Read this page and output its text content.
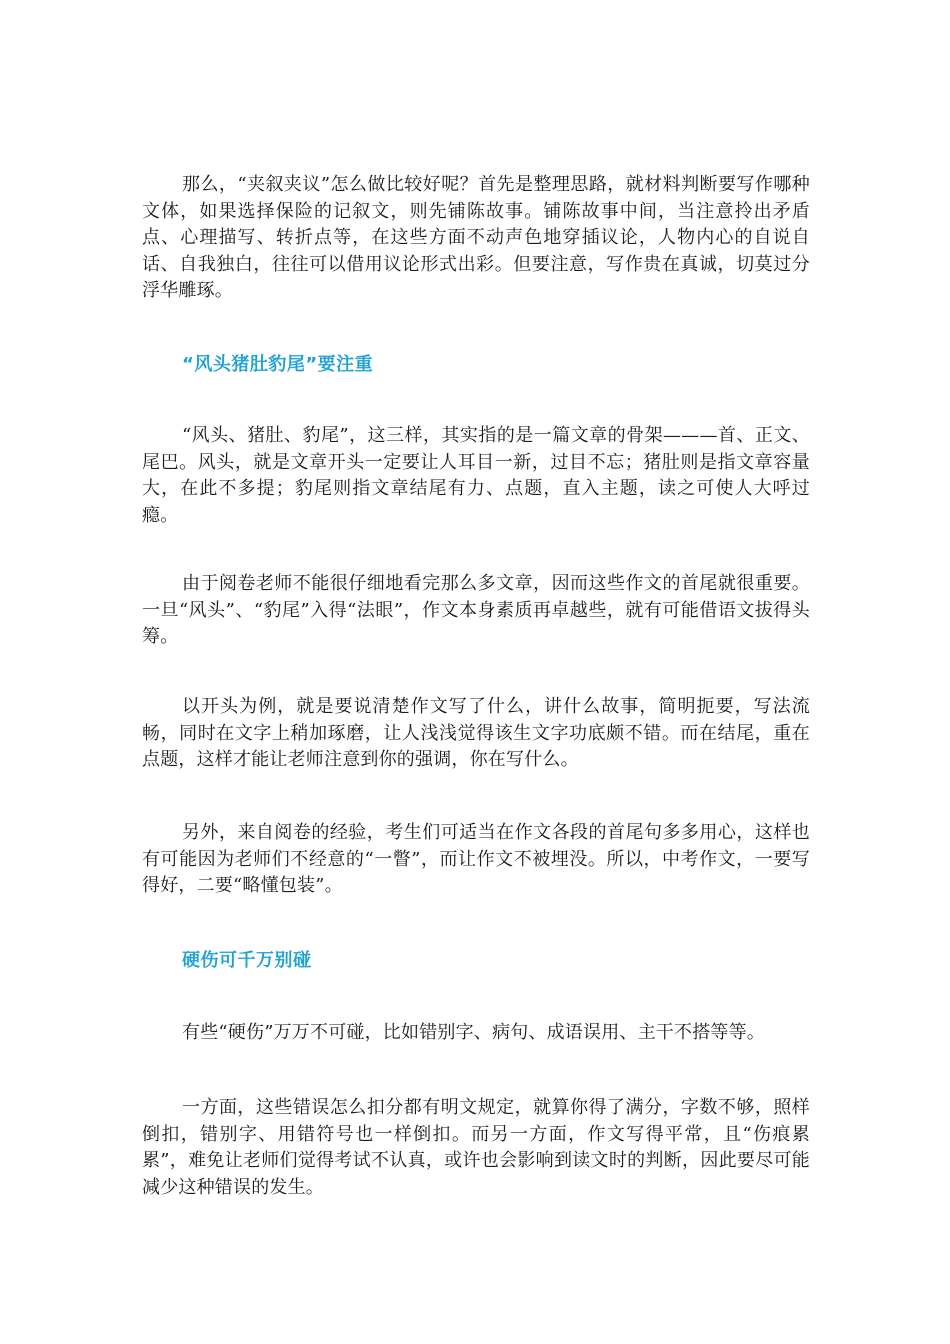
那么，“夹叙夹议”怎么做比较好呢？首先是整理思路，就材料判断要写作哪种文体，如果选择保险的记叙文，则先铺陈故事。铺陈故事中间，当注意拎出矛盾点、心理描写、转折点等，在这些方面不动声色地穿插议论，人物内心的自说自话、自我独白，往往可以借用议论形式出彩。但要注意，写作贵在真诚，切莫过分浮华雕琢。

“风头猪肚豹尾”要注重

“风头、猪肚、豹尾”，这三样，其实指的是一篇文章的骨架———首、正文、尾巴。风头，就是文章开头一定要让人耳目一新，过目不忘；猪肚则是指文章容量大，在此不多提；豹尾则指文章结尾有力、点题，直入主题，读之可使人大呼过瘾。

由于阅卷老师不能很仔细地看完那么多文章，因而这些作文的首尾就很重要。一旦“风头”、“豹尾”入得“法眼”，作文本身素质再卓越些，就有可能借语文拔得头筹。

以开头为例，就是要说清楚作文写了什么，讲什么故事，简明扼要，写法流畅，同时在文字上稍加琢磨，让人浅浅觉得该生文字功底颇不错。而在结尾，重在点题，这样才能让老师注意到你的强调，你在写什么。

另外，来自阅卷的经验，考生们可适当在作文各段的首尾句多多用心，这样也有可能因为老师们不经意的“一瞥”，而让作文不被埋没。所以，中考作文，一要写得好，二要“略懂包装”。

硬伤可千万别碰

有些“硬伤”万万不可碰，比如错别字、病句、成语误用、主干不搭等等。

一方面，这些错误怎么扣分都有明文规定，就算你得了满分，字数不够，照样倒扣，错别字、用错符号也一样倒扣。而另一方面，作文写得平常，且“伤痕累累”，难免让老师们觉得考试不认真，或许也会影响到读文时的判断，因此要尽可能减少这种错误的发生。
